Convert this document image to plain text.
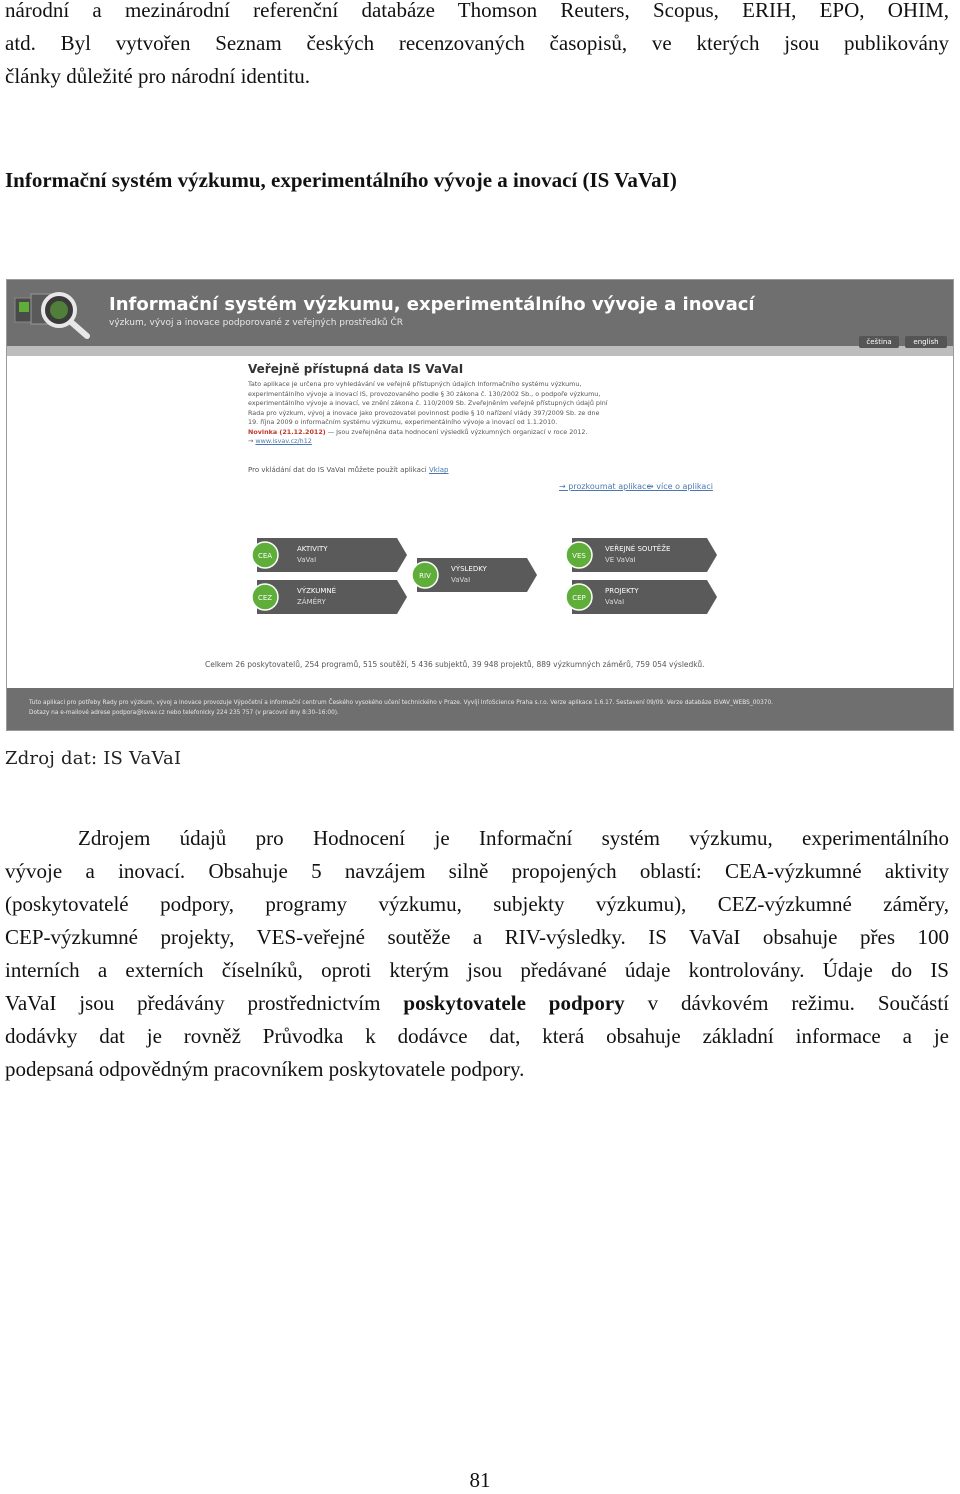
národní a mezinárodní referenční databáze Thomson Reuters, Scopus, ERIH, EPO, OHIM,
atd. Byl vytvořen Seznam českých recenzovaných časopisů, ve kterých jsou publikovány
články důležité pro národní identitu.
Informační systém výzkumu, experimentálního vývoje a inovací (IS VaVaI)
Informační systém výzkumu, experimentálního vývoje a inovací
výzkum, vývoj a inovace podporované z veřejných prostředků ČR
čeština	english
Veřejně přístupná data IS VaVaI
Tato aplikace je určena pro vyhledávání ve veřejně přístupných údajích Informačního systému výzkumu,
experimentálního vývoje a inovací IS, provozovaného podle § 30 zákona č. 130/2002 Sb., o podpoře výzkumu,
experimentálního vývoje a inovací, ve znění zákona č. 110/2009 Sb. Zveřejněním veřejně přístupných údajů plní
Rada pro výzkum, vývoj a inovace jako provozovatel povinnost podle § 10 nařízení vlády 397/2009 Sb. ze dne
19. října 2009 o informačním systému výzkumu, experimentálního vývoje a inovací od 1.1.2010.
Novinka (21.12.2012) — Jsou zveřejněna data hodnocení výsledků výzkumných organizací v roce 2012.
→ www.isvav.cz/h12
Pro vkládání dat do IS VaVaI můžete použít aplikaci Vklap
→ prozkoumat aplikace
→ více o aplikaci
CEA
AKTIVITY
VaVaI
CEZ
VÝZKUMNÉ
ZÁMĚRY
RIV
VÝSLEDKY
VaVaI
VES
VEŘEJNÉ SOUTĚŽE
VE VaVaI
CEP
PROJEKTY
VaVaI
Celkem 26 poskytovatelů, 254 programů, 515 soutěží, 5 436 subjektů, 39 948 projektů, 889 výzkumných záměrů, 759 054 výsledků.
Tuto aplikaci pro potřeby Rady pro výzkum, vývoj a inovace provozuje Výpočetní a informační centrum Českého vysokého učení technického v Praze. Vyvíjí InfoScience Praha s.r.o. Verze aplikace 1.6.17. Sestavení 09/09. Verze databáze ISVAV_WEBS_00370.
Dotazy na e-mailové adrese podpora@isvav.cz nebo telefonicky 224 235 757 (v pracovní dny 8:30–16:00).
Zdroj dat: IS VaVaI
Zdrojem údajů pro Hodnocení je Informační systém výzkumu, experimentálního
vývoje a inovací. Obsahuje 5 navzájem silně propojených oblastí: CEA-výzkumné aktivity
(poskytovatelé podpory, programy výzkumu, subjekty výzkumu), CEZ-výzkumné záměry,
CEP-výzkumné projekty, VES-veřejné soutěže a RIV-výsledky. IS VaVaI obsahuje přes 100
interních a externích číselníků, oproti kterým jsou předávané údaje kontrolovány. Údaje do IS
VaVaI jsou předávány prostřednictvím poskytovatele podpory v dávkovém režimu. Součástí
dodávky dat je rovněž Průvodka k dodávce dat, která obsahuje základní informace a je
podepsaná odpovědným pracovníkem poskytovatele podpory.
81
